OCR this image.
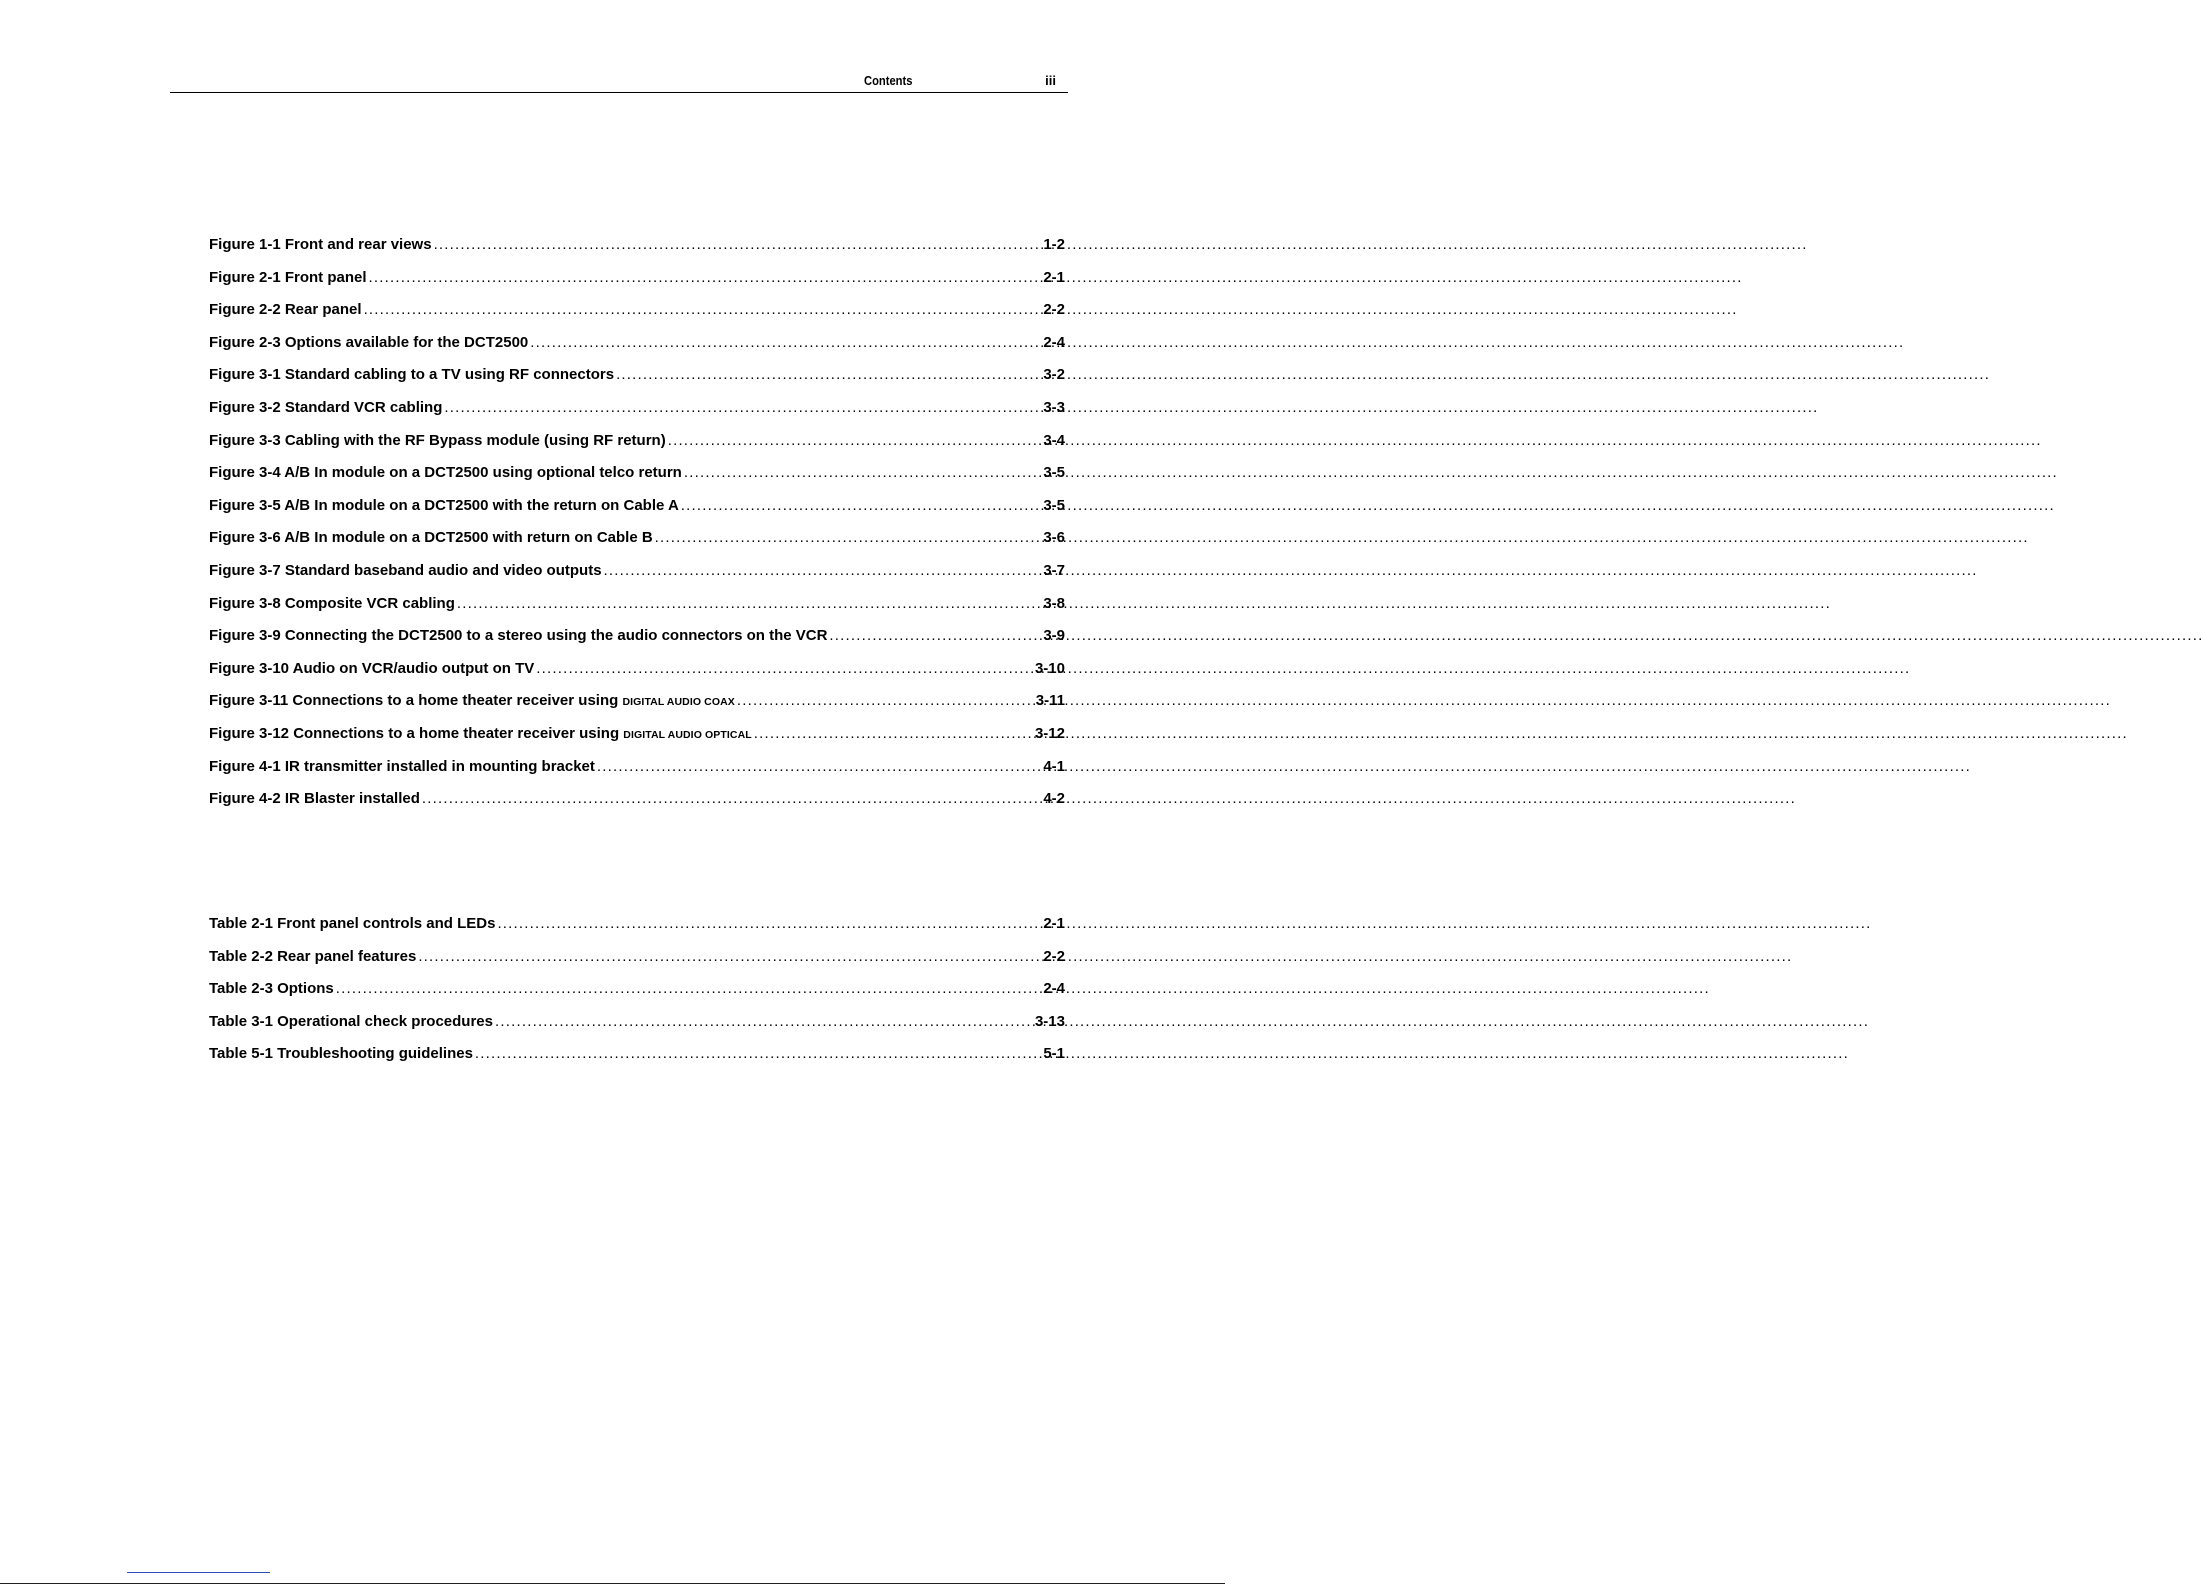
Contents	iii
Figure 1-1 Front and rear views .....	1-2
Figure 2-1 Front panel .....	2-1
Figure 2-2 Rear panel .....	2-2
Figure 2-3 Options available for the DCT2500 .....	2-4
Figure 3-1 Standard cabling to a TV using RF connectors .....	3-2
Figure 3-2 Standard VCR cabling .....	3-3
Figure 3-3 Cabling with the RF Bypass module (using RF return) .....	3-4
Figure 3-4 A/B In module on a DCT2500 using optional telco return .....	3-5
Figure 3-5 A/B In module on a DCT2500 with the return on Cable A .....	3-5
Figure 3-6 A/B In module on a DCT2500 with return on Cable B .....	3-6
Figure 3-7 Standard baseband audio and video outputs .....	3-7
Figure 3-8 Composite VCR cabling .....	3-8
Figure 3-9 Connecting the DCT2500 to a stereo using the audio connectors on the VCR .....	3-9
Figure 3-10 Audio on VCR/audio output on TV .....	3-10
Figure 3-11 Connections to a home theater receiver using DIGITAL AUDIO COAX .....	3-11
Figure 3-12 Connections to a home theater receiver using DIGITAL AUDIO OPTICAL .....	3-12
Figure 4-1 IR transmitter installed in mounting bracket .....	4-1
Figure 4-2 IR Blaster installed .....	4-2
Table 2-1 Front panel controls and LEDs .....	2-1
Table 2-2 Rear panel features .....	2-2
Table 2-3 Options .....	2-4
Table 3-1 Operational check procedures .....	3-13
Table 5-1 Troubleshooting guidelines .....	5-1
